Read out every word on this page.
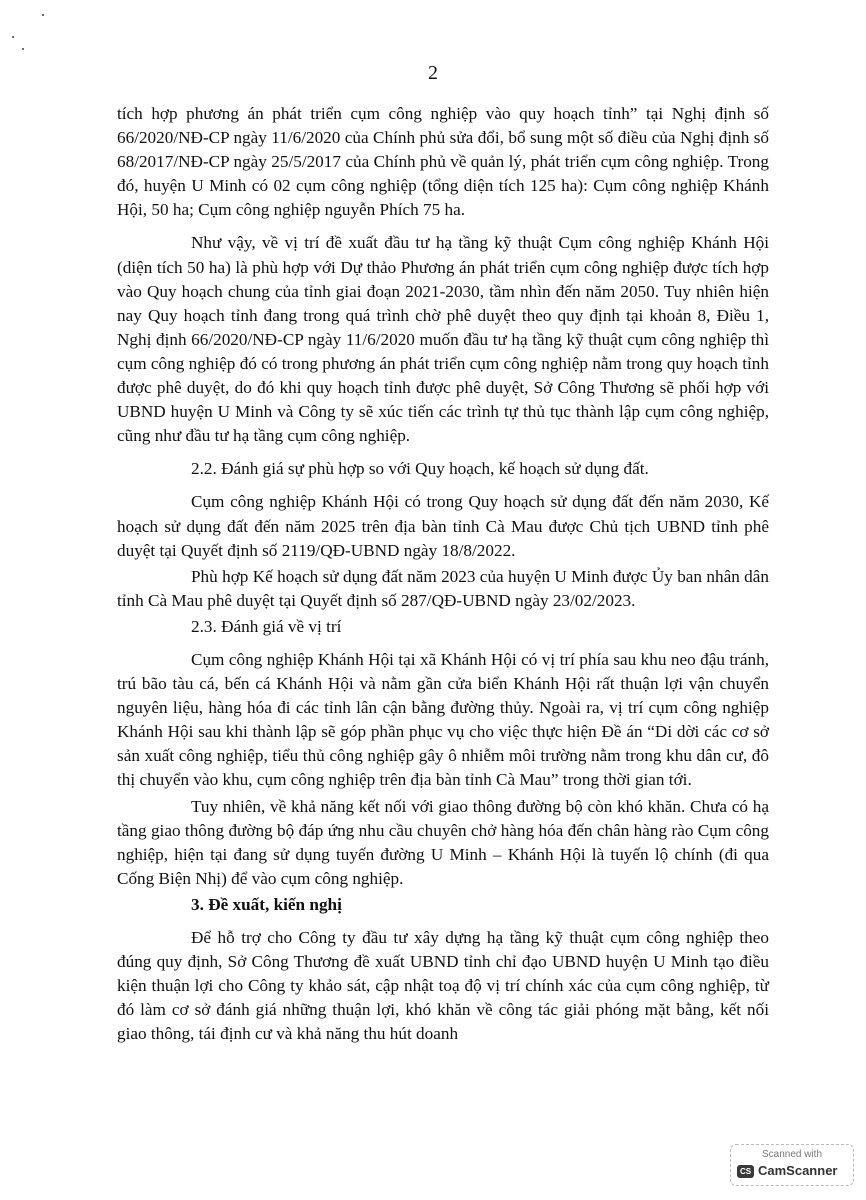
2

tích hợp phương án phát triển cụm công nghiệp vào quy hoạch tỉnh” tại Nghị định số 66/2020/NĐ-CP ngày 11/6/2020 của Chính phủ sửa đổi, bổ sung một số điều của Nghị định số 68/2017/NĐ-CP ngày 25/5/2017 của Chính phủ về quản lý, phát triển cụm công nghiệp. Trong đó, huyện U Minh có 02 cụm công nghiệp (tổng diện tích 125 ha): Cụm công nghiệp Khánh Hội, 50 ha; Cụm công nghiệp nguyễn Phích 75 ha.

Như vậy, về vị trí đề xuất đầu tư hạ tầng kỹ thuật Cụm công nghiệp Khánh Hội (diện tích 50 ha) là phù hợp với Dự thảo Phương án phát triển cụm công nghiệp được tích hợp vào Quy hoạch chung của tỉnh giai đoạn 2021-2030, tầm nhìn đến năm 2050. Tuy nhiên hiện nay Quy hoạch tỉnh đang trong quá trình chờ phê duyệt theo quy định tại khoản 8, Điều 1, Nghị định 66/2020/NĐ-CP ngày 11/6/2020 muốn đầu tư hạ tầng kỹ thuật cụm công nghiệp thì cụm công nghiệp đó có trong phương án phát triển cụm công nghiệp nằm trong quy hoạch tỉnh được phê duyệt, do đó khi quy hoạch tỉnh được phê duyệt, Sở Công Thương sẽ phối hợp với UBND huyện U Minh và Công ty sẽ xúc tiến các trình tự thủ tục thành lập cụm công nghiệp, cũng như đầu tư hạ tầng cụm công nghiệp.

2.2. Đánh giá sự phù hợp so với Quy hoạch, kế hoạch sử dụng đất.

Cụm công nghiệp Khánh Hội có trong Quy hoạch sử dụng đất đến năm 2030, Kế hoạch sử dụng đất đến năm 2025 trên địa bàn tỉnh Cà Mau được Chủ tịch UBND tỉnh phê duyệt tại Quyết định số 2119/QĐ-UBND ngày 18/8/2022.

Phù hợp Kế hoạch sử dụng đất năm 2023 của huyện U Minh được Ủy ban nhân dân tỉnh Cà Mau phê duyệt tại Quyết định số 287/QĐ-UBND ngày 23/02/2023.

2.3. Đánh giá về vị trí

Cụm công nghiệp Khánh Hội tại xã Khánh Hội có vị trí phía sau khu neo đậu tránh, trú bão tàu cá, bến cá Khánh Hội và nằm gần cửa biển Khánh Hội rất thuận lợi vận chuyển nguyên liệu, hàng hóa đi các tỉnh lân cận bằng đường thủy. Ngoài ra, vị trí cụm công nghiệp Khánh Hội sau khi thành lập sẽ góp phần phục vụ cho việc thực hiện Đề án “Di dời các cơ sở sản xuất công nghiệp, tiểu thủ công nghiệp gây ô nhiễm môi trường nằm trong khu dân cư, đô thị chuyển vào khu, cụm công nghiệp trên địa bàn tỉnh Cà Mau” trong thời gian tới.

Tuy nhiên, về khả năng kết nối với giao thông đường bộ còn khó khăn. Chưa có hạ tầng giao thông đường bộ đáp ứng nhu cầu chuyên chở hàng hóa đến chân hàng rào Cụm công nghiệp, hiện tại đang sử dụng tuyến đường U Minh – Khánh Hội là tuyến lộ chính (đi qua Cống Biện Nhị) để vào cụm công nghiệp.

3. Đề xuất, kiến nghị

Để hỗ trợ cho Công ty đầu tư xây dựng hạ tầng kỹ thuật cụm công nghiệp theo đúng quy định, Sở Công Thương đề xuất UBND tỉnh chỉ đạo UBND huyện U Minh tạo điều kiện thuận lợi cho Công ty khảo sát, cập nhật toạ độ vị trí chính xác của cụm công nghiệp, từ đó làm cơ sở đánh giá những thuận lợi, khó khăn về công tác giải phóng mặt bằng, kết nối giao thông, tái định cư và khả năng thu hút doanh

Scanned with
CS CamScanner
